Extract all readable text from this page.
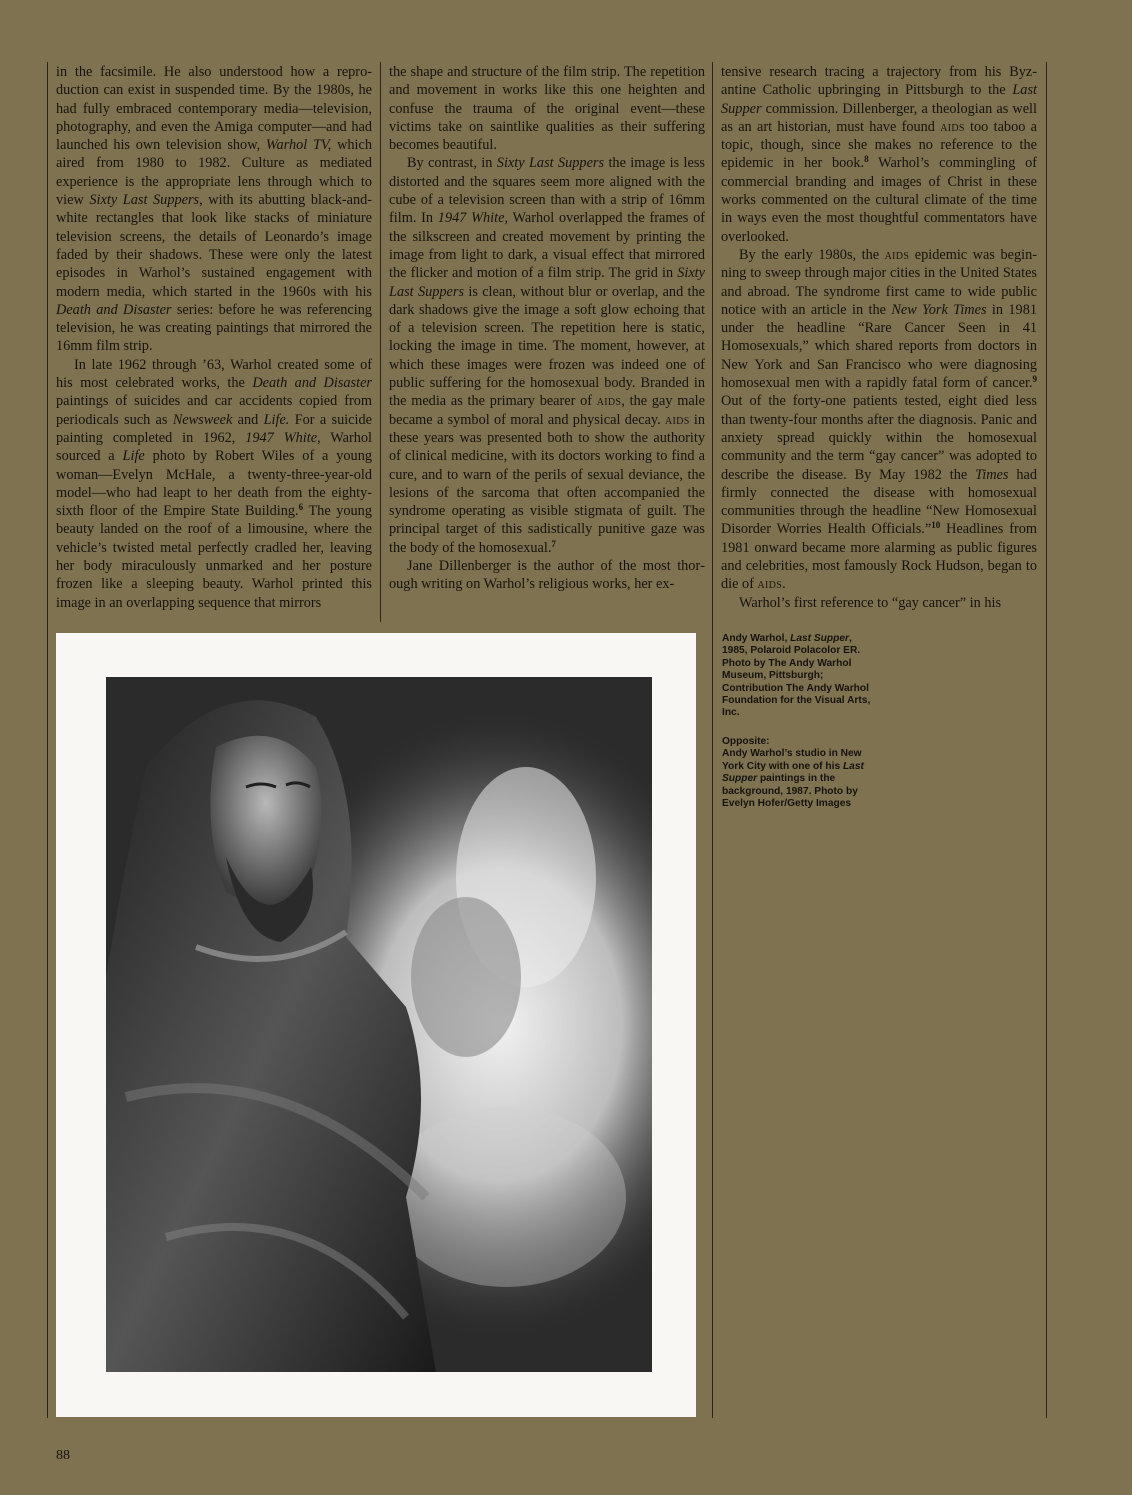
in the facsimile. He also understood how a reproduction can exist in suspended time. By the 1980s, he had fully embraced contemporary media—television, photography, and even the Amiga computer—and had launched his own television show, Warhol TV, which aired from 1980 to 1982. Culture as mediated experience is the appropriate lens through which to view Sixty Last Suppers, with its abutting black-and-white rectangles that look like stacks of miniature television screens, the details of Leonardo’s image faded by their shadows. These were only the latest episodes in Warhol’s sustained engagement with modern media, which started in the 1960s with his Death and Disaster series: before he was referencing television, he was creating paintings that mirrored the 16mm film strip.

In late 1962 through ’63, Warhol created some of his most celebrated works, the Death and Disaster paintings of suicides and car accidents copied from periodicals such as Newsweek and Life. For a suicide painting completed in 1962, 1947 White, Warhol sourced a Life photo by Robert Wiles of a young woman—Evelyn McHale, a twenty-three-year-old model—who had leapt to her death from the eighty-sixth floor of the Empire State Building.$^6$ The young beauty landed on the roof of a limousine, where the vehicle’s twisted metal perfectly cradled her, leaving her body miraculously unmarked and her posture frozen like a sleeping beauty. Warhol printed this image in an overlapping sequence that mirrors

the shape and structure of the film strip. The repetition and movement in works like this one heighten and confuse the trauma of the original event—these victims take on saintlike qualities as their suffering becomes beautiful.

By contrast, in Sixty Last Suppers the image is less distorted and the squares seem more aligned with the cube of a television screen than with a strip of 16mm film. In 1947 White, Warhol overlapped the frames of the silkscreen and created movement by printing the image from light to dark, a visual effect that mirrored the flicker and motion of a film strip. The grid in Sixty Last Suppers is clean, without blur or overlap, and the dark shadows give the image a soft glow echoing that of a television screen. The repetition here is static, locking the image in time. The moment, however, at which these images were frozen was indeed one of public suffering for the homosexual body. Branded in the media as the primary bearer of aids, the gay male became a symbol of moral and physical decay. aids in these years was presented both to show the authority of clinical medicine, with its doctors working to find a cure, and to warn of the perils of sexual deviance, the lesions of the sarcoma that often accompanied the syndrome operating as visible stigmata of guilt. The principal target of this sadistically punitive gaze was the body of the homosexual.$^7$

Jane Dillenberger is the author of the most thorough writing on Warhol’s religious works, her ex-

tensive research tracing a trajectory from his Byzantine Catholic upbringing in Pittsburgh to the Last Supper commission. Dillenberger, a theologian as well as an art historian, must have found aids too taboo a topic, though, since she makes no reference to the epidemic in her book.$^8$ Warhol’s commingling of commercial branding and images of Christ in these works commented on the cultural climate of the time in ways even the most thoughtful commentators have overlooked.

By the early 1980s, the aids epidemic was beginning to sweep through major cities in the United States and abroad. The syndrome first came to wide public notice with an article in the New York Times in 1981 under the headline “Rare Cancer Seen in 41 Homosexuals,” which shared reports from doctors in New York and San Francisco who were diagnosing homosexual men with a rapidly fatal form of cancer.$^9$ Out of the forty-one patients tested, eight died less than twenty-four months after the diagnosis. Panic and anxiety spread quickly within the homosexual community and the term “gay cancer” was adopted to describe the disease. By May 1982 the Times had firmly connected the disease with homosexual communities through the headline “New Homosexual Disorder Worries Health Officials.”$^{10}$ Headlines from 1981 onward became more alarming as public figures and celebrities, most famously Rock Hudson, began to die of aids.

Warhol’s first reference to “gay cancer” in his

Andy Warhol, Last Supper, 1985, Polaroid Polacolor ER. Photo by The Andy Warhol Museum, Pittsburgh; Contribution The Andy Warhol Foundation for the Visual Arts, Inc.

Opposite:

Andy Warhol’s studio in New York City with one of his Last Supper paintings in the background, 1987. Photo by Evelyn Hofer/Getty Images

88
